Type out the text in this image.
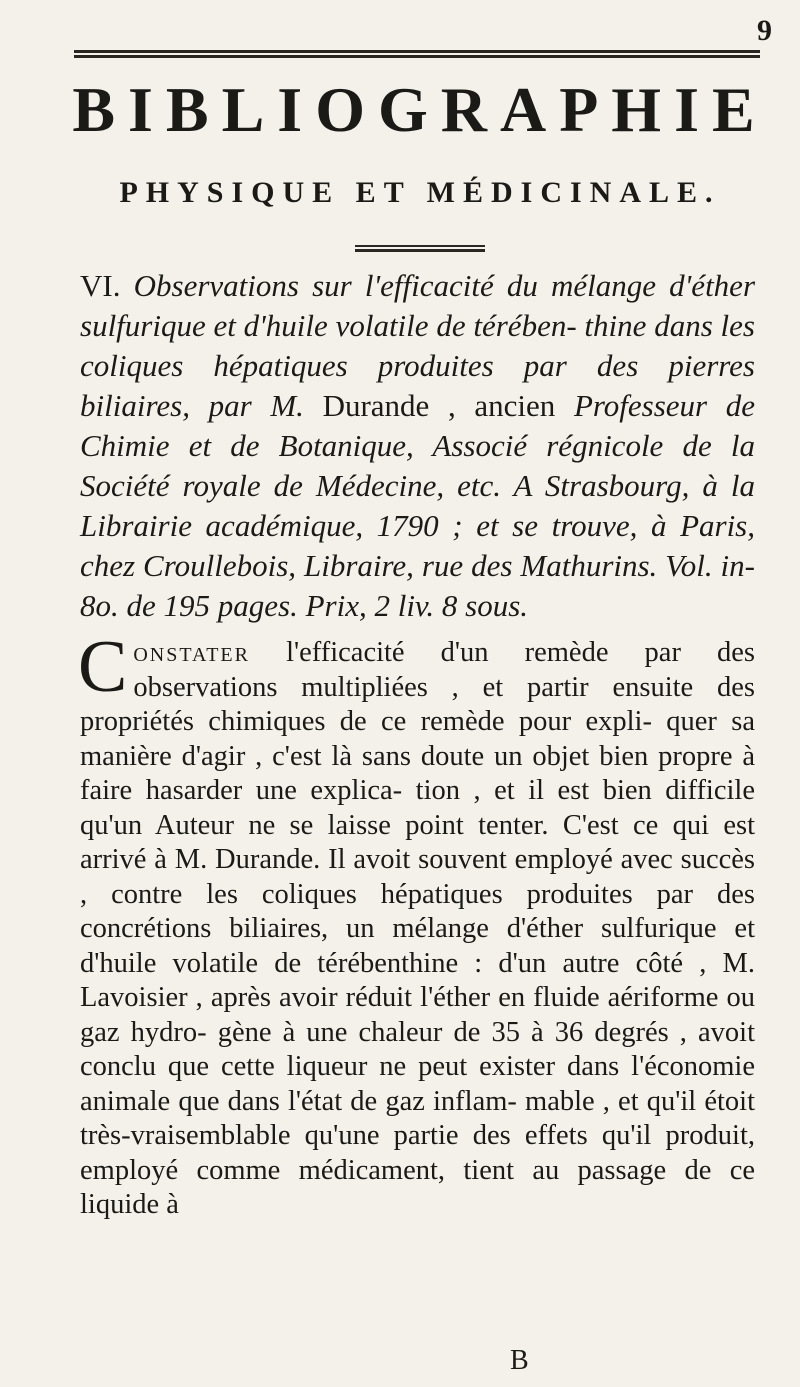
9
BIBLIOGRAPHIE
PHYSIQUE ET MÉDICINALE.
VI. Observations sur l'efficacité du mélange d'éther sulfurique et d'huile volatile de térében- thine dans les coliques hépatiques produites par des pierres biliaires, par M. Durande , ancien Professeur de Chimie et de Botanique, Associé régnicole de la Société royale de Médecine, etc. A Strasbourg, à la Librairie académique, 1790 ; et se trouve, à Paris, chez Croullebois, Libraire, rue des Mathurins. Vol. in-8o. de 195 pages. Prix, 2 liv. 8 sous.
C onstater l'efficacité d'un remède par des observations multipliées , et partir ensuite des propriétés chimiques de ce remède pour expli- quer sa manière d'agir , c'est là sans doute un objet bien propre à faire hasarder une explica- tion , et il est bien difficile qu'un Auteur ne se laisse point tenter. C'est ce qui est arrivé à M. Durande. Il avoit souvent employé avec succès , contre les coliques hépatiques produites par des concrétions biliaires, un mélange d'éther sulfurique et d'huile volatile de térébenthine : d'un autre côté , M. Lavoisier , après avoir réduit l'éther en fluide aériforme ou gaz hydro- gène à une chaleur de 35 à 36 degrés , avoit conclu que cette liqueur ne peut exister dans l'économie animale que dans l'état de gaz inflam- mable , et qu'il étoit très-vraisemblable qu'une partie des effets qu'il produit, employé comme médicament, tient au passage de ce liquide à
B
